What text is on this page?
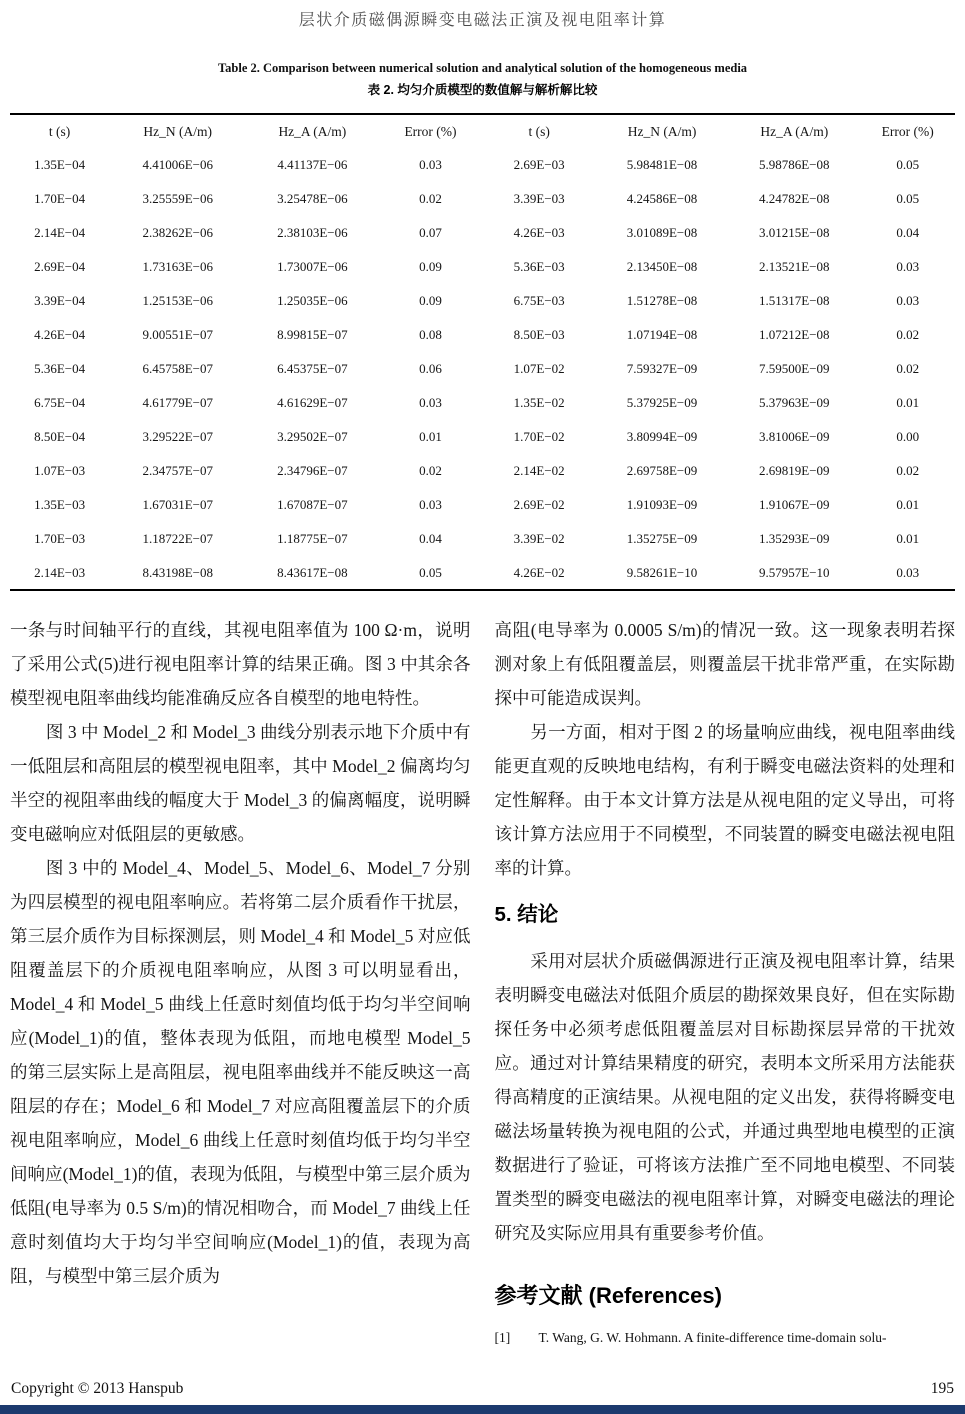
层状介质磁偶源瞬变电磁法正演及视电阻率计算
Table 2. Comparison between numerical solution and analytical solution of the homogeneous media
表 2. 均匀介质模型的数值解与解析解比较
t (s)	Hz_N (A/m)	Hz_A (A/m)	Error (%)	t (s)	Hz_N (A/m)	Hz_A (A/m)	Error (%)
1.35E−04	4.41006E−06	4.41137E−06	0.03	2.69E−03	5.98481E−08	5.98786E−08	0.05
1.70E−04	3.25559E−06	3.25478E−06	0.02	3.39E−03	4.24586E−08	4.24782E−08	0.05
2.14E−04	2.38262E−06	2.38103E−06	0.07	4.26E−03	3.01089E−08	3.01215E−08	0.04
2.69E−04	1.73163E−06	1.73007E−06	0.09	5.36E−03	2.13450E−08	2.13521E−08	0.03
3.39E−04	1.25153E−06	1.25035E−06	0.09	6.75E−03	1.51278E−08	1.51317E−08	0.03
4.26E−04	9.00551E−07	8.99815E−07	0.08	8.50E−03	1.07194E−08	1.07212E−08	0.02
5.36E−04	6.45758E−07	6.45375E−07	0.06	1.07E−02	7.59327E−09	7.59500E−09	0.02
6.75E−04	4.61779E−07	4.61629E−07	0.03	1.35E−02	5.37925E−09	5.37963E−09	0.01
8.50E−04	3.29522E−07	3.29502E−07	0.01	1.70E−02	3.80994E−09	3.81006E−09	0.00
1.07E−03	2.34757E−07	2.34796E−07	0.02	2.14E−02	2.69758E−09	2.69819E−09	0.02
1.35E−03	1.67031E−07	1.67087E−07	0.03	2.69E−02	1.91093E−09	1.91067E−09	0.01
1.70E−03	1.18722E−07	1.18775E−07	0.04	3.39E−02	1.35275E−09	1.35293E−09	0.01
2.14E−03	8.43198E−08	8.43617E−08	0.05	4.26E−02	9.58261E−10	9.57957E−10	0.03

一条与时间轴平行的直线，其视电阻率值为 100 Ω·m，说明了采用公式(5)进行视电阻率计算的结果正确。图 3 中其余各模型视电阻率曲线均能准确反应各自模型的地电特性。

图 3 中 Model_2 和 Model_3 曲线分别表示地下介质中有一低阻层和高阻层的模型视电阻率，其中 Model_2 偏离均匀半空的视阻率曲线的幅度大于 Model_3 的偏离幅度，说明瞬变电磁响应对低阻层的更敏感。

图 3 中的 Model_4、Model_5、Model_6、Model_7 分别为四层模型的视电阻率响应。若将第二层介质看作干扰层，第三层介质作为目标探测层，则 Model_4 和 Model_5 对应低阻覆盖层下的介质视电阻率响应，从图 3 可以明显看出，Model_4 和 Model_5 曲线上任意时刻值均低于均匀半空间响应(Model_1)的值，整体表现为低阻，而地电模型 Model_5 的第三层实际上是高阻层，视电阻率曲线并不能反映这一高阻层的存在；Model_6 和 Model_7 对应高阻覆盖层下的介质视电阻率响应，Model_6 曲线上任意时刻值均低于均匀半空间响应(Model_1)的值，表现为低阻，与模型中第三层介质为低阻(电导率为 0.5 S/m)的情况相吻合，而 Model_7 曲线上任意时刻值均大于均匀半空间响应(Model_1)的值，表现为高阻，与模型中第三层介质为

高阻(电导率为 0.0005 S/m)的情况一致。这一现象表明若探测对象上有低阻覆盖层，则覆盖层干扰非常严重，在实际勘探中可能造成误判。

另一方面，相对于图 2 的场量响应曲线，视电阻率曲线能更直观的反映地电结构，有利于瞬变电磁法资料的处理和定性解释。由于本文计算方法是从视电阻的定义导出，可将该计算方法应用于不同模型，不同装置的瞬变电磁法视电阻率的计算。

5. 结论

采用对层状介质磁偶源进行正演及视电阻率计算，结果表明瞬变电磁法对低阻介质层的勘探效果良好，但在实际勘探任务中必须考虑低阻覆盖层对目标勘探层异常的干扰效应。通过对计算结果精度的研究，表明本文所采用方法能获得高精度的正演结果。从视电阻的定义出发，获得将瞬变电磁法场量转换为视电阻的公式，并通过典型地电模型的正演数据进行了验证，可将该方法推广至不同地电模型、不同装置类型的瞬变电磁法的视电阻率计算，对瞬变电磁法的理论研究及实际应用具有重要参考价值。

参考文献 (References)
[1]	T. Wang, G. W. Hohmann. A finite-difference time-domain solu-
Copyright © 2013 Hanspub	195
